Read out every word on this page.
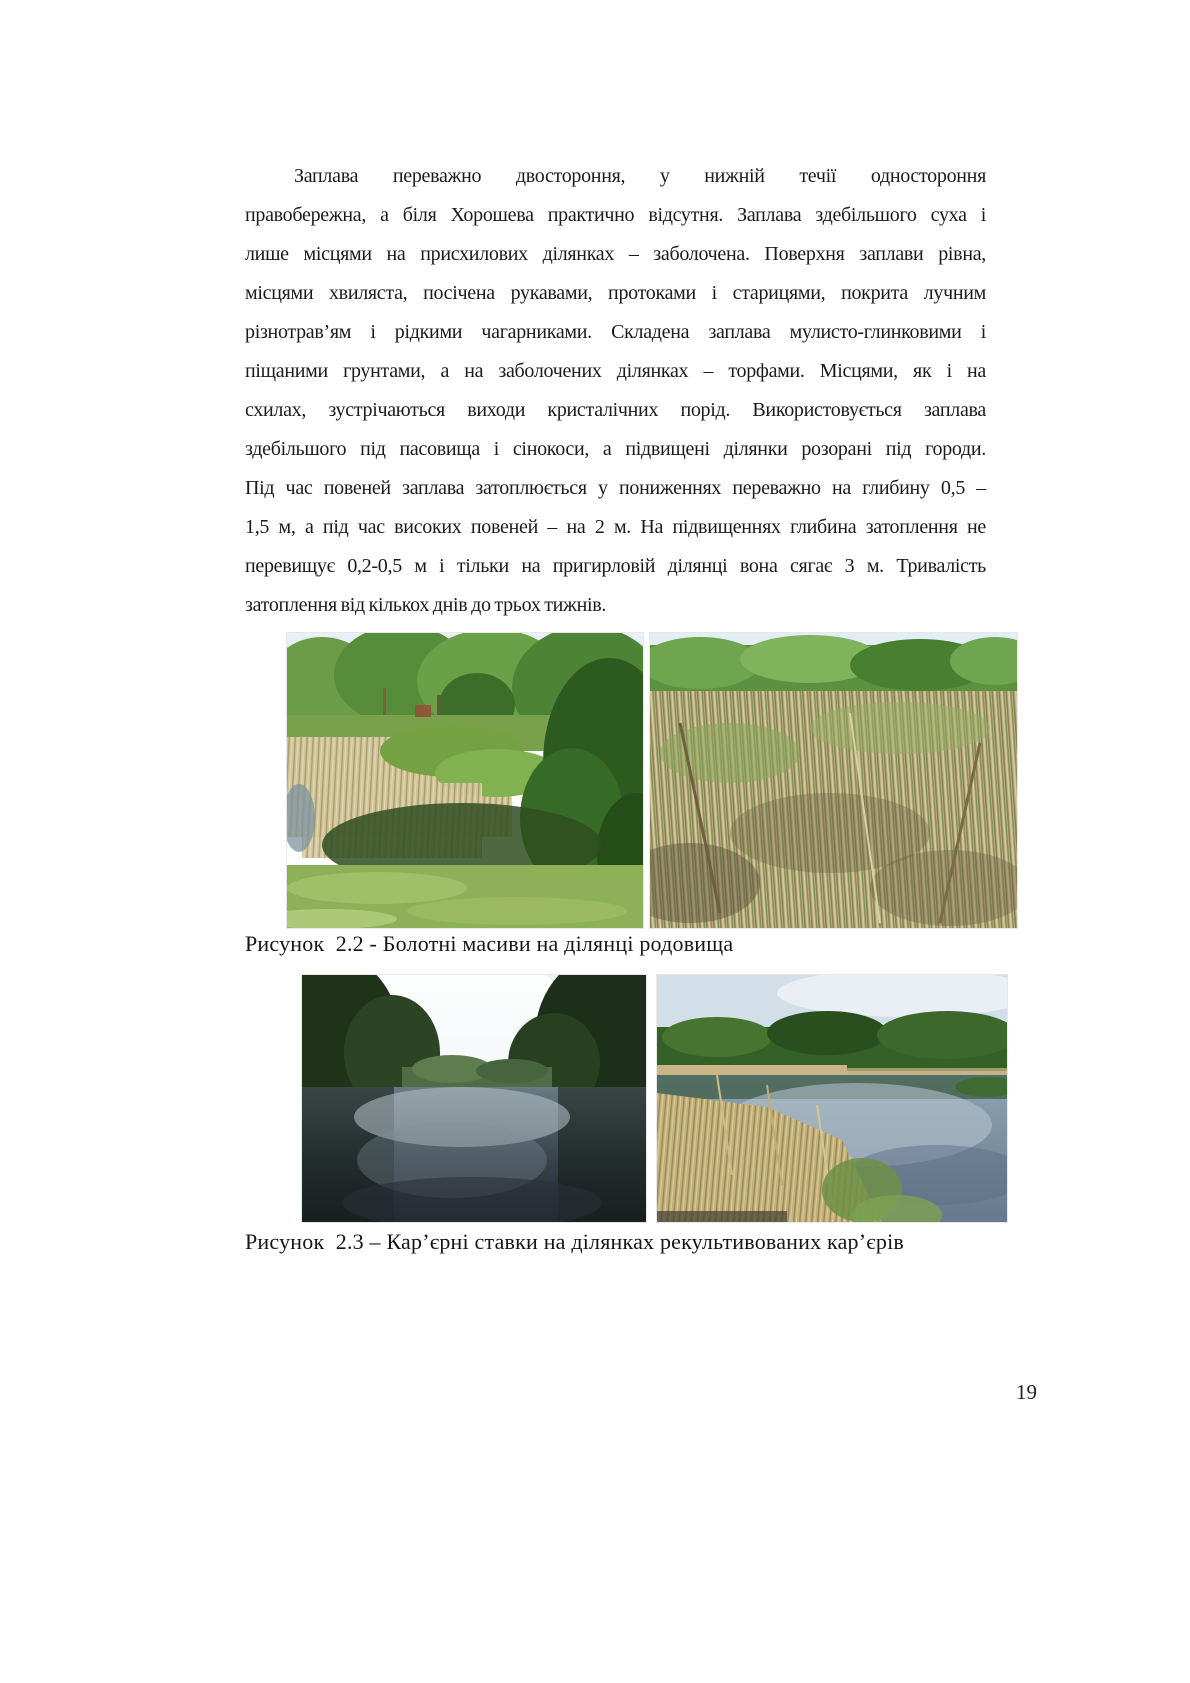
Заплава переважно двостороння, у нижній течії одностороння
правобережна, а біля Хорошева практично відсутня. Заплава здебільшого суха і
лише місцями на присхилових ділянках – заболочена. Поверхня заплави рівна,
місцями хвиляста, посічена рукавами, протоками і старицями, покрита лучним
різнотрав’ям і рідкими чагарниками. Складена заплава мулисто-глинковими і
піщаними грунтами, а на заболочених ділянках – торфами. Місцями, як і на
схилах, зустрічаються виходи кристалічних порід. Використовується заплава
здебільшого під пасовища і сінокоси, а підвищені ділянки розорані під городи.
Під час повеней заплава затоплюється у пониженнях переважно на глибину 0,5 –
1,5 м, а під час високих повеней – на 2 м. На підвищеннях глибина затоплення не
перевищує 0,2-0,5 м і тільки на пригирловій ділянці вона сягає 3 м. Тривалість
затоплення від кількох днів до трьох тижнів.
Рисунок  2.2 - Болотні масиви на ділянці родовища
Рисунок  2.3 – Кар’єрні ставки на ділянках рекультивованих кар’єрів
19
